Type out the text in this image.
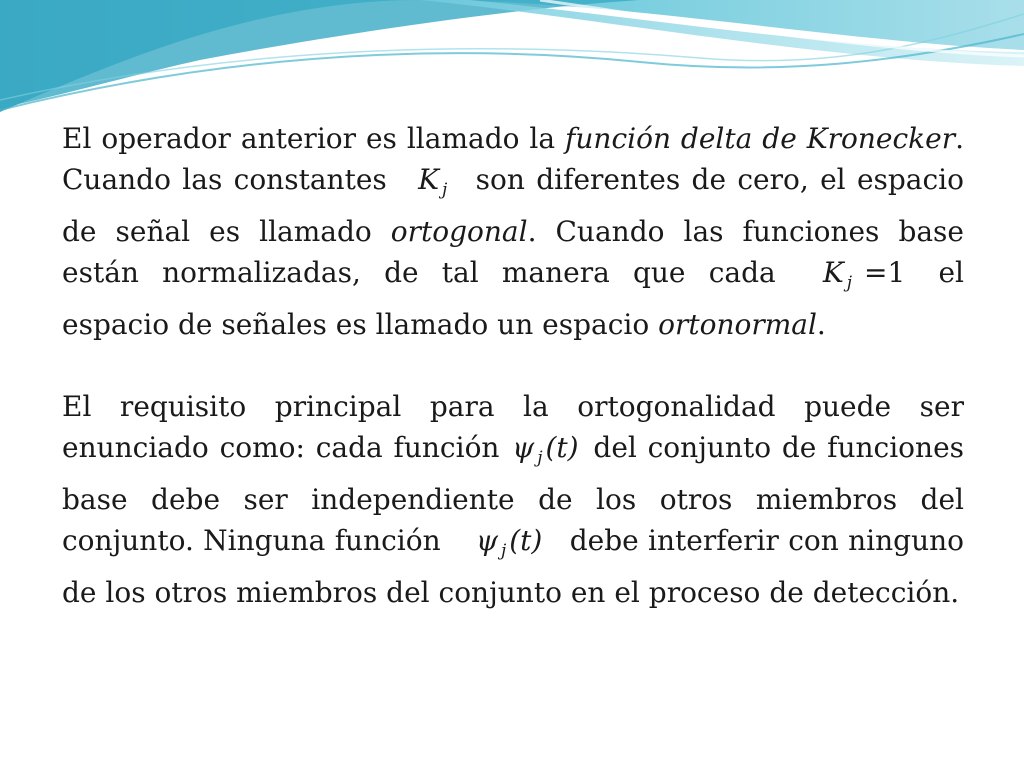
El operador anterior es llamado la función delta de Kronecker. Cuando las constantes K $_j$ son diferentes de cero, el espacio de señal es llamado ortogonal. Cuando las funciones base están normalizadas, de tal manera que cada K $_j$ =1 el espacio de señales es llamado un espacio ortonormal.

El requisito principal para la ortogonalidad puede ser enunciado como: cada función ψ $_j$ (t) del conjunto de funciones base debe ser independiente de los otros miembros del conjunto. Ninguna función ψ $_j$ (t) debe interferir con ninguno de los otros miembros del conjunto en el proceso de detección.
